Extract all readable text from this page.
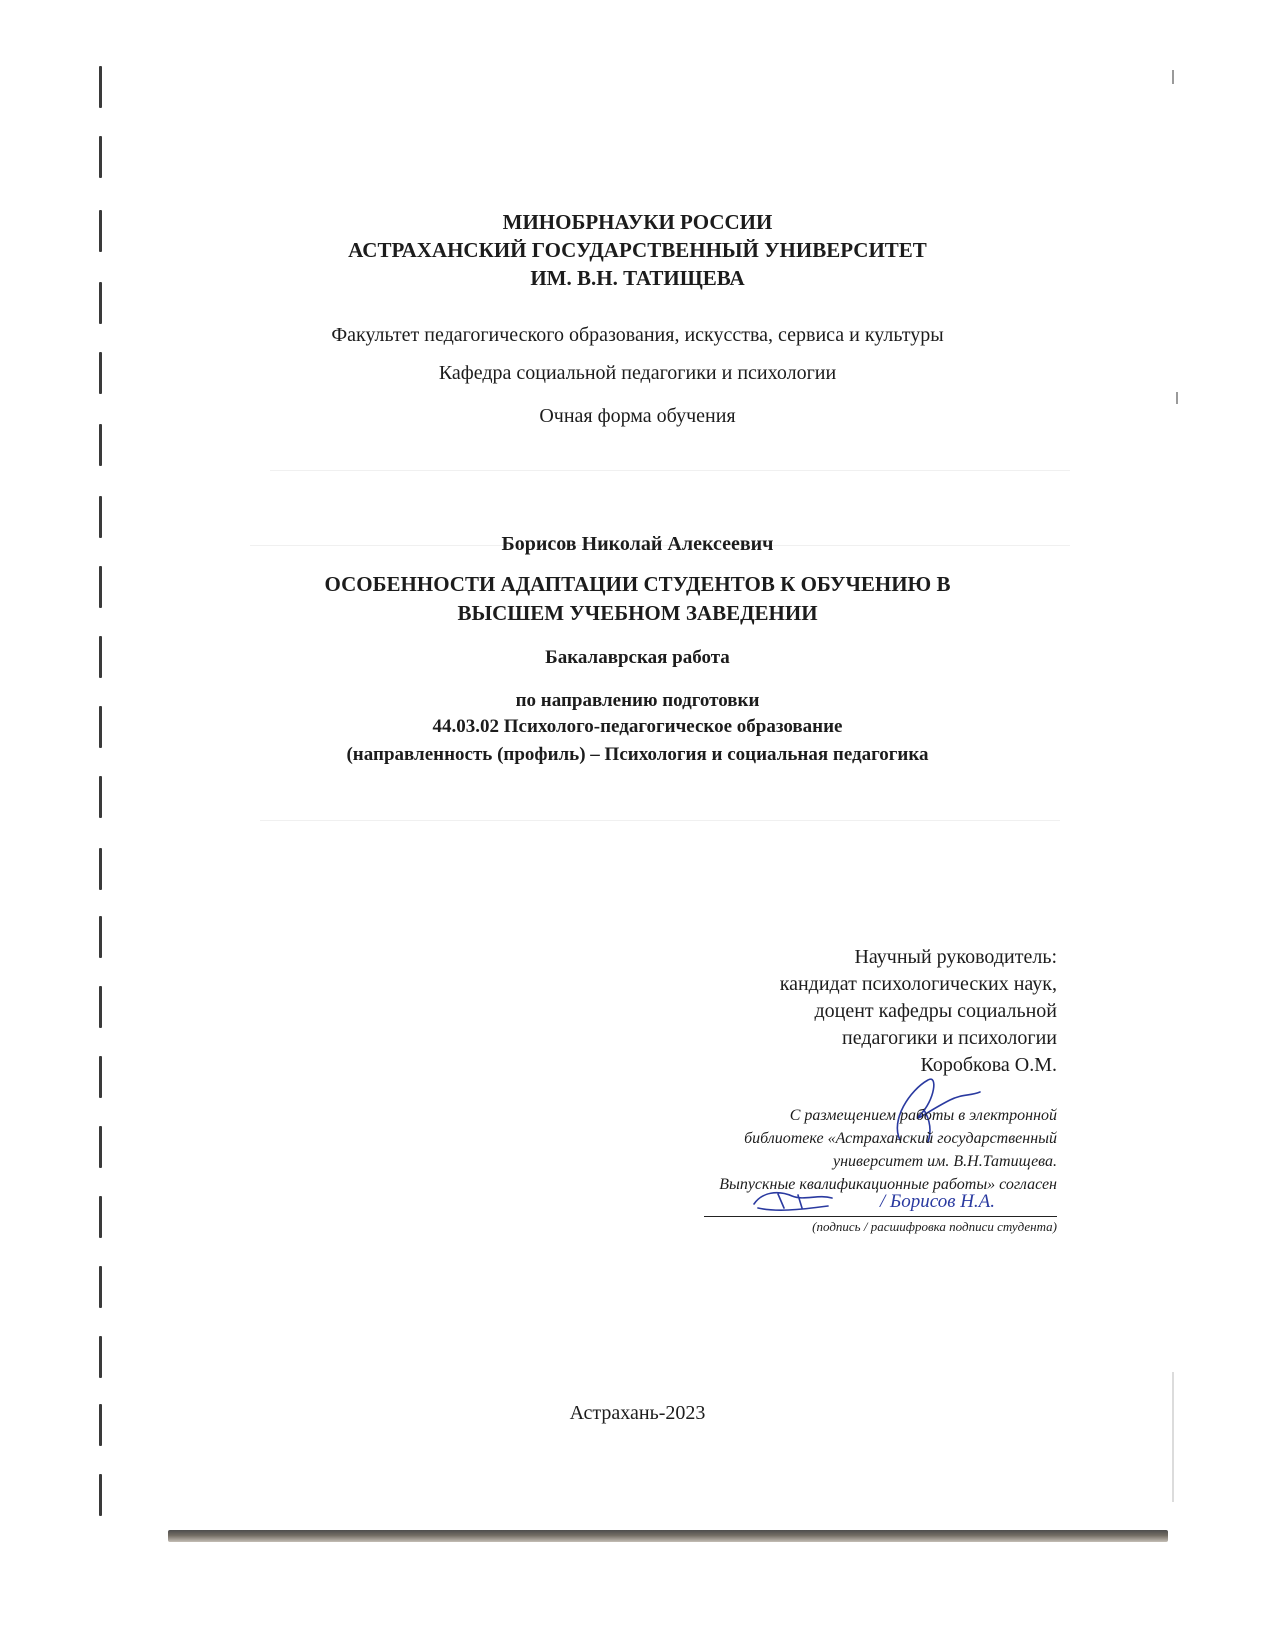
МИНОБРНАУКИ РОССИИ
АСТРАХАНСКИЙ ГОСУДАРСТВЕННЫЙ УНИВЕРСИТЕТ
ИМ. В.Н. ТАТИЩЕВА
Факультет педагогического образования, искусства, сервиса и культуры
Кафедра социальной педагогики и психологии
Очная форма обучения
Борисов Николай Алексеевич
ОСОБЕННОСТИ АДАПТАЦИИ СТУДЕНТОВ К ОБУЧЕНИЮ В
ВЫСШЕМ УЧЕБНОМ ЗАВЕДЕНИИ
Бакалаврская работа
по направлению подготовки
44.03.02 Психолого-педагогическое образование
(направленность (профиль) – Психология и социальная педагогика
Научный руководитель:
кандидат психологических наук,
доцент кафедры социальной
педагогики и психологии
Коробкова О.М.
С размещением работы в электронной
библиотеке «Астраханский государственный
университет им. В.Н.Татищева.
Выпускные квалификационные работы» согласен
/ Борисов Н.А.
(подпись / расшифровка подписи студента)
Астрахань-2023
